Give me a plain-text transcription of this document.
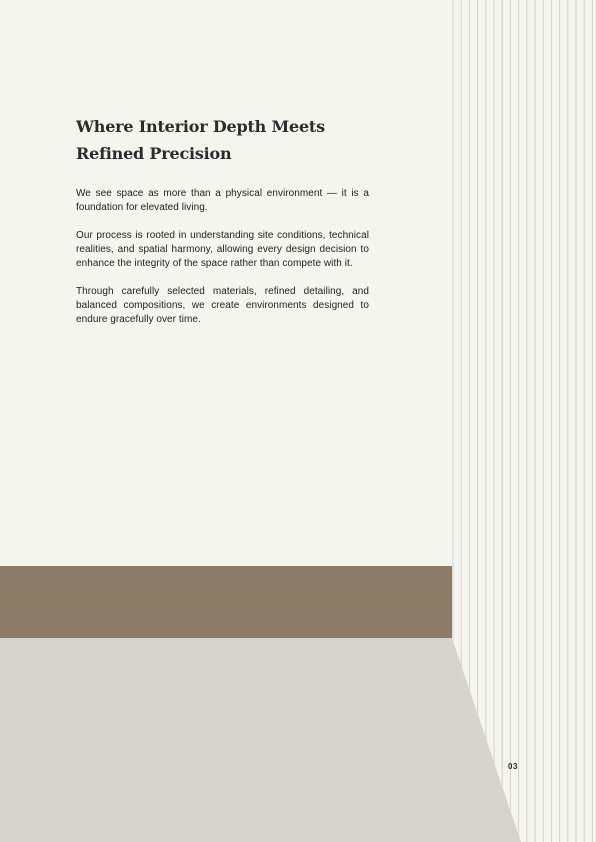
Where Interior Depth Meets Refined Precision

We see space as more than a physical environment — it is a foundation for elevated living.

Our process is rooted in understanding site conditions, technical realities, and spatial harmony, allowing every design decision to enhance the integrity of the space rather than compete with it.

Through carefully selected materials, refined detailing, and balanced compositions, we create environments designed to endure gracefully over time.

03
